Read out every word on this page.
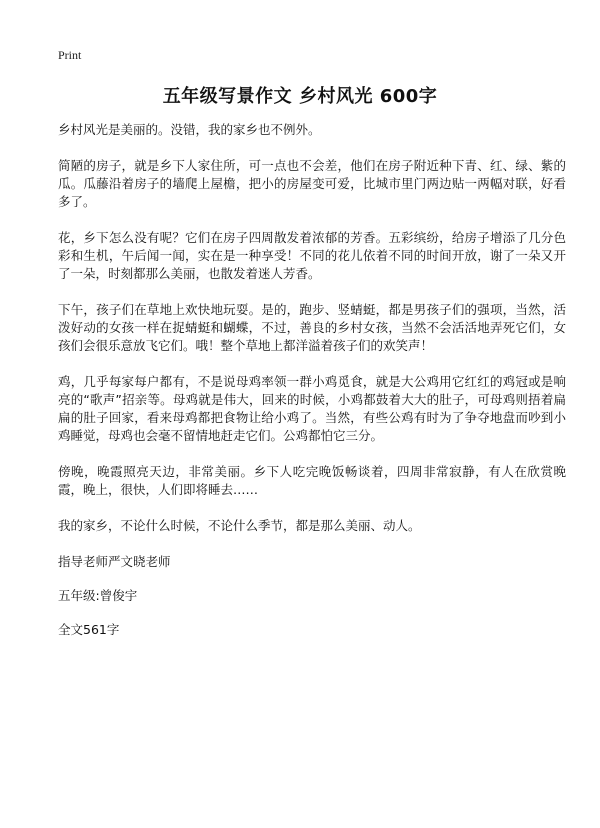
Print
五年级写景作文 乡村风光 600字

乡村风光是美丽的。没错，我的家乡也不例外。

简陋的房子，就是乡下人家住所，可一点也不会差，他们在房子附近种下青、红、绿、紫的瓜。瓜藤沿着房子的墙爬上屋檐，把小的房屋变可爱，比城市里门两边贴一两幅对联，好看多了。

花，乡下怎么没有呢？它们在房子四周散发着浓郁的芳香。五彩缤纷，给房子增添了几分色彩和生机，午后闻一闻，实在是一种享受！不同的花儿依着不同的时间开放，谢了一朵又开了一朵，时刻都那么美丽，也散发着迷人芳香。

下午，孩子们在草地上欢快地玩耍。是的，跑步、竖蜻蜓，都是男孩子们的强项，当然，活泼好动的女孩一样在捉蜻蜓和蝴蝶，不过，善良的乡村女孩，当然不会活活地弄死它们，女孩们会很乐意放飞它们。哦！整个草地上都洋溢着孩子们的欢笑声！

鸡，几乎每家每户都有，不是说母鸡率领一群小鸡觅食，就是大公鸡用它红红的鸡冠或是响亮的“歌声”招亲等。母鸡就是伟大，回来的时候，小鸡都鼓着大大的肚子，可母鸡则捂着扁扁的肚子回家，看来母鸡都把食物让给小鸡了。当然，有些公鸡有时为了争夺地盘而吵到小鸡睡觉，母鸡也会毫不留情地赶走它们。公鸡都怕它三分。

傍晚，晚霞照亮天边，非常美丽。乡下人吃完晚饭畅谈着，四周非常寂静，有人在欣赏晚霞，晚上，很快，人们即将睡去……

我的家乡，不论什么时候，不论什么季节，都是那么美丽、动人。

指导老师严文晓老师

五年级:曾俊宇

全文561字
